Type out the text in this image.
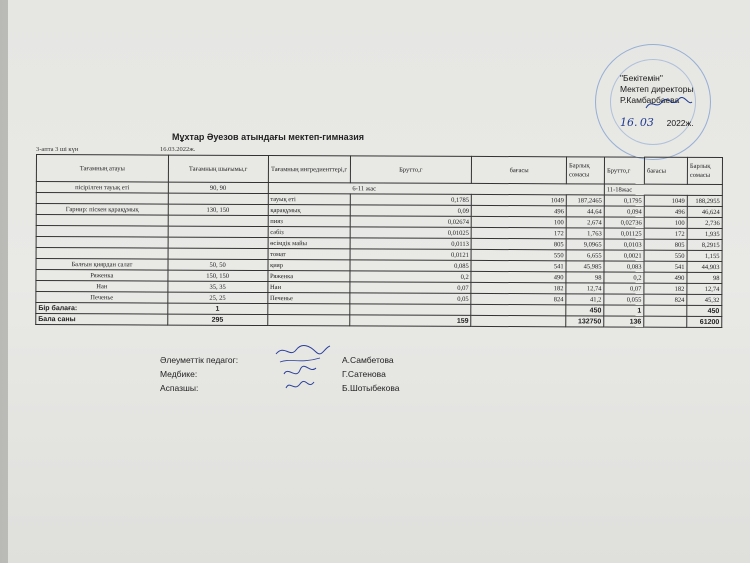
"Бекітемін"
Мектеп директоры
Р.Камбарбаева
16. 03 2022ж.
Мұхтар Әуезов атындағы мектеп-гимназия
3-апта 3 ші күн	16.03.2022ж.
Тағамның атауы	Тағамның шығымы,г	Тағамның ингредиенттері,г	Брутто,г	бағасы	Барлық сомасы	Брутто,г	бағасы	Барлық сомасы
пісірілген тауық еті	90, 90	6-11 жас				11-18жас		
		тауық еті	0,1785	1049	187,2465	0,1795	1049	188,2955
Гарнир: піскен қарақұмық	130, 150	қарақұмық	0,09	496	44,64	0,094	496	46,624
		пияз	0,02674	100	2,674	0,02736	100	2,736
		сәбіз	0,01025	172	1,763	0,01125	172	1,935
		өсімдік майы	0,0113	805	9,0965	0,0103	805	8,2915
		томат	0,0121	550	6,655	0,0021	550	1,155
Балғын қиярдан салат	50, 50	қияр	0,085	541	45,985	0,083	541	44,903
Ряженка	150, 150	Ряженка	0,2	490	98	0,2	490	98
Нан	35, 35	Нан	0,07	182	12,74	0,07	182	12,74
Печенье	25, 25	Печенье	0,05	824	41,2	0,055	824	45,32
Бір балаға:	1				450	1		450
Бала саны	295		159		132750	136		61200
Әлеуметтік педагог:
Медбике:
Аспазшы:
А.Самбетова
Г.Сатенова
Б.Шотыбекова
